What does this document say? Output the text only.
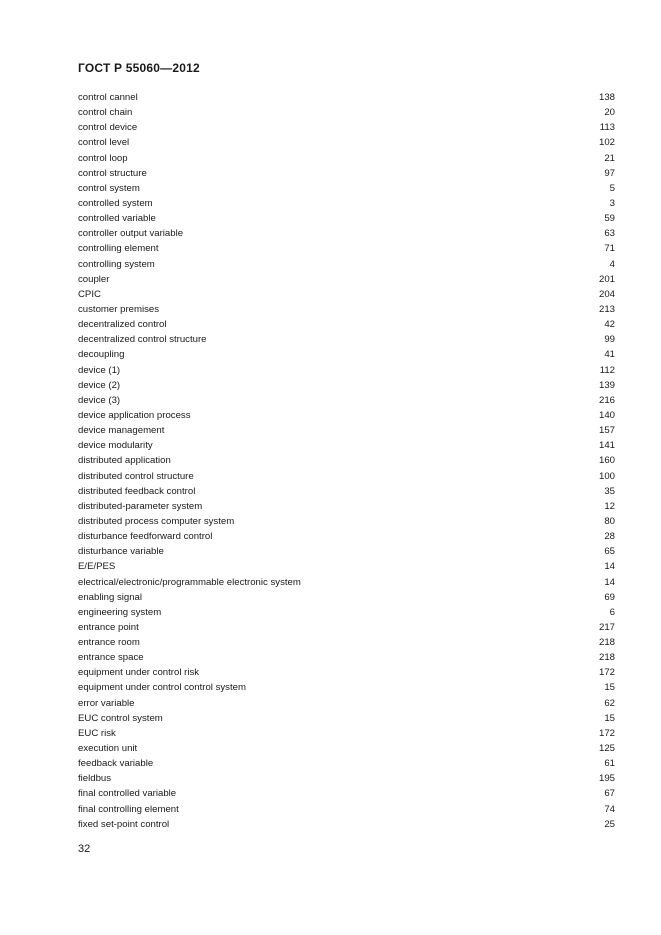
ГОСТ Р 55060—2012
control cannel	138
control chain	20
control device	113
control level	102
control loop	21
control structure	97
control system	5
controlled system	3
controlled variable	59
controller output variable	63
controlling element	71
controlling system	4
coupler	201
CPIC	204
customer premises	213
decentralized control	42
decentralized control structure	99
decoupling	41
device (1)	112
device (2)	139
device (3)	216
device application process	140
device management	157
device modularity	141
distributed application	160
distributed control structure	100
distributed feedback control	35
distributed-parameter system	12
distributed process computer system	80
disturbance feedforward control	28
disturbance variable	65
E/E/PES	14
electrical/electronic/programmable electronic system	14
enabling signal	69
engineering system	6
entrance point	217
entrance room	218
entrance space	218
equipment under control risk	172
equipment under control control system	15
error variable	62
EUC control system	15
EUC risk	172
execution unit	125
feedback variable	61
fieldbus	195
final controlled variable	67
final controlling element	74
fixed set-point control	25
32
